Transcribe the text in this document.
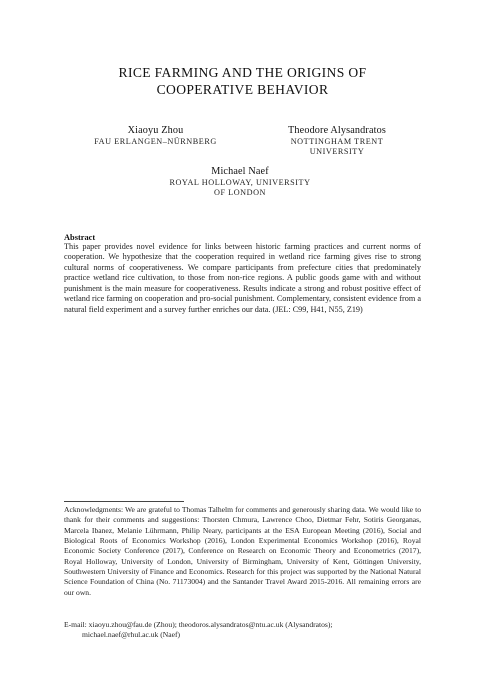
RICE FARMING AND THE ORIGINS OF
COOPERATIVE BEHAVIOR
Xiaoyu Zhou
FAU ERLANGEN–NÜRNBERG
Theodore Alysandratos
NOTTINGHAM TRENT
UNIVERSITY
Michael Naef
ROYAL HOLLOWAY, UNIVERSITY
OF LONDON
Abstract
This paper provides novel evidence for links between historic farming practices and current norms of cooperation. We hypothesize that the cooperation required in wetland rice farming gives rise to strong cultural norms of cooperativeness. We compare participants from prefecture cities that predominately practice wetland rice cultivation, to those from non-rice regions. A public goods game with and without punishment is the main measure for cooperativeness. Results indicate a strong and robust positive effect of wetland rice farming on cooperation and pro-social punishment. Complementary, consistent evidence from a natural field experiment and a survey further enriches our data. (JEL: C99, H41, N55, Z19)
Acknowledgments: We are grateful to Thomas Talhelm for comments and generously sharing data. We would like to thank for their comments and suggestions: Thorsten Chmura, Lawrence Choo, Dietmar Fehr, Sotiris Georganas, Marcela Ibanez, Melanie Lührmann, Philip Neary, participants at the ESA European Meeting (2016), Social and Biological Roots of Economics Workshop (2016), London Experimental Economics Workshop (2016), Royal Economic Society Conference (2017), Conference on Research on Economic Theory and Econometrics (2017), Royal Holloway, University of London, University of Birmingham, University of Kent, Göttingen University, Southwestern University of Finance and Economics. Research for this project was supported by the National Natural Science Foundation of China (No. 71173004) and the Santander Travel Award 2015-2016. All remaining errors are our own.
E-mail: xiaoyu.zhou@fau.de (Zhou); theodoros.alysandratos@ntu.ac.uk (Alysandratos);
michael.naef@rhul.ac.uk (Naef)
